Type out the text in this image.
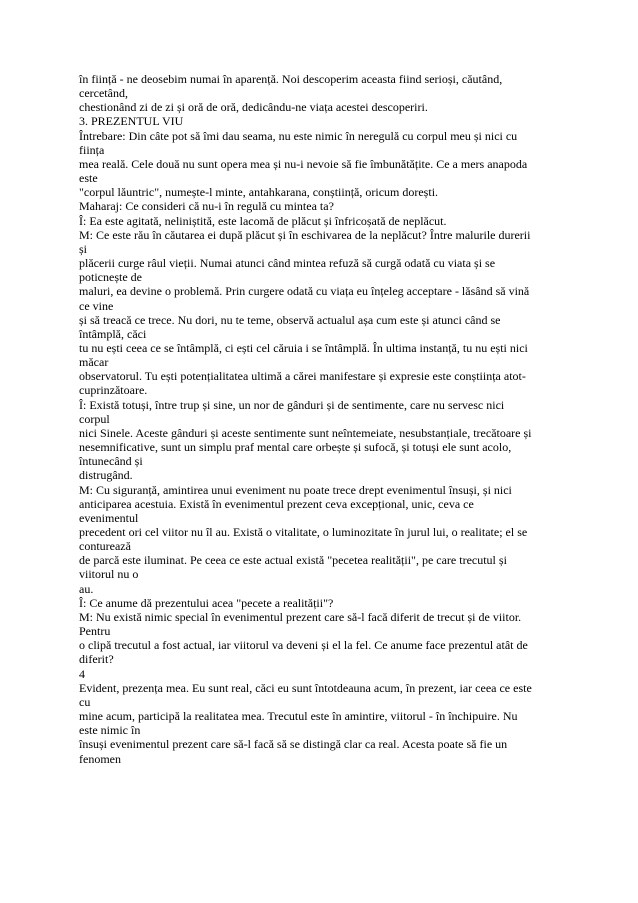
în ființă - ne deosebim numai în aparență. Noi descoperim aceasta fiind serioși, căutând,
cercetând,
chestionând zi de zi și oră de oră, dedicându-ne viața acestei descoperiri.
3. PREZENTUL VIU
Întrebare: Din câte pot să îmi dau seama, nu este nimic în neregulă cu corpul meu și nici cu
ființa
mea reală. Cele două nu sunt opera mea și nu-i nevoie să fie îmbunătățite. Ce a mers anapoda
este
"corpul lăuntric", numește-l minte, antahkarana, conștiință, oricum dorești.
Maharaj: Ce consideri că nu-i în regulă cu mintea ta?
Î: Ea este agitată, neliniștită, este lacomă de plăcut și înfricoșată de neplăcut.
M: Ce este rău în căutarea ei după plăcut și în eschivarea de la neplăcut? Între malurile durerii
și
plăcerii curge râul vieții. Numai atunci când mintea refuză să curgă odată cu viata și se
poticnește de
maluri, ea devine o problemă. Prin curgere odată cu viața eu înțeleg acceptare - lăsând să vină
ce vine
și să treacă ce trece. Nu dori, nu te teme, observă actualul așa cum este și atunci când se
întâmplă, căci
tu nu ești ceea ce se întâmplă, ci ești cel căruia i se întâmplă. În ultima instanță, tu nu ești nici
măcar
observatorul. Tu ești potențialitatea ultimă a cărei manifestare și expresie este conștiința atot-
cuprinzătoare.
Î: Există totuși, între trup și sine, un nor de gânduri și de sentimente, care nu servesc nici
corpul
nici Sinele. Aceste gânduri și aceste sentimente sunt neîntemeiate, nesubstanțiale, trecătoare și
nesemnificative, sunt un simplu praf mental care orbește și sufocă, și totuși ele sunt acolo,
întunecând și
distrugând.
M: Cu siguranță, amintirea unui eveniment nu poate trece drept evenimentul însuși, și nici
anticiparea acestuia. Există în evenimentul prezent ceva excepțional, unic, ceva ce
evenimentul
precedent ori cel viitor nu îl au. Există o vitalitate, o luminozitate în jurul lui, o realitate; el se
conturează
de parcă este iluminat. Pe ceea ce este actual există "pecetea realității", pe care trecutul și
viitorul nu o
au.
Î: Ce anume dă prezentului acea "pecete a realității"?
M: Nu există nimic special în evenimentul prezent care să-l facă diferit de trecut și de viitor.
Pentru
o clipă trecutul a fost actual, iar viitorul va deveni și el la fel. Ce anume face prezentul atât de
diferit?
4
Evident, prezența mea. Eu sunt real, căci eu sunt întotdeauna acum, în prezent, iar ceea ce este
cu
mine acum, participă la realitatea mea. Trecutul este în amintire, viitorul - în închipuire. Nu
este nimic în
însuși evenimentul prezent care să-l facă să se distingă clar ca real. Acesta poate să fie un
fenomen
